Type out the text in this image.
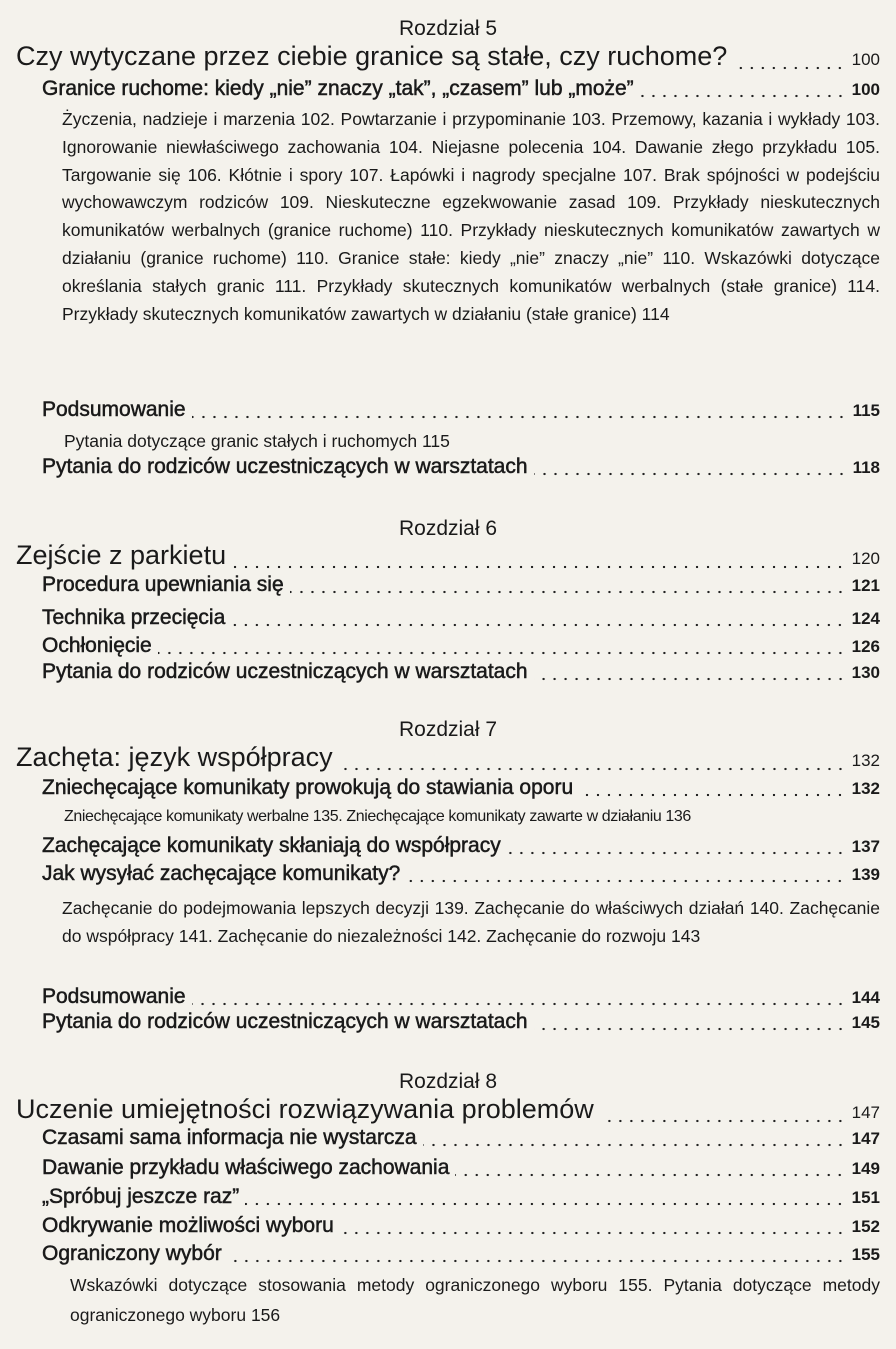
Rozdział 5
Czy wytyczane przez ciebie granice są stałe, czy ruchome?	100
Granice ruchome: kiedy „nie” znaczy „tak”, „czasem” lub „może”	100
Życzenia, nadzieje i marzenia 102. Powtarzanie i przypominanie 103. Przemowy, kazania i wykłady 103. Ignorowanie niewłaściwego zachowania 104. Niejasne polecenia 104. Dawanie złego przykładu 105. Targowanie się 106. Kłótnie i spory 107. Łapówki i nagrody specjalne 107. Brak spójności w podejściu wychowawczym rodziców 109. Nieskuteczne egzekwowanie zasad 109. Przykłady nieskutecznych komunikatów werbalnych (granice ruchome) 110. Przykłady nieskutecznych komunikatów zawartych w działaniu (granice ruchome) 110. Granice stałe: kiedy „nie” znaczy „nie” 110. Wskazówki dotyczące określania stałych granic 111. Przykłady skutecznych komunikatów werbalnych (stałe granice) 114. Przykłady skutecznych komunikatów zawartych w działaniu (stałe granice) 114
Podsumowanie	115
Pytania dotyczące granic stałych i ruchomych 115
Pytania do rodziców uczestniczących w warsztatach	118
Rozdział 6
Zejście z parkietu	120
Procedura upewniania się	121
Technika przecięcia	124
Ochłonięcie	126
Pytania do rodziców uczestniczących w warsztatach	130
Rozdział 7
Zachęta: język współpracy	132
Zniechęcające komunikaty prowokują do stawiania oporu	132
Zniechęcające komunikaty werbalne 135. Zniechęcające komunikaty zawarte w działaniu 136
Zachęcające komunikaty skłaniają do współpracy	137
Jak wysyłać zachęcające komunikaty?	139
Zachęcanie do podejmowania lepszych decyzji 139. Zachęcanie do właściwych działań 140. Zachęcanie do współpracy 141. Zachęcanie do niezależności 142. Zachęcanie do rozwoju 143
Podsumowanie	144
Pytania do rodziców uczestniczących w warsztatach	145
Rozdział 8
Uczenie umiejętności rozwiązywania problemów	147
Czasami sama informacja nie wystarcza	147
Dawanie przykładu właściwego zachowania	149
„Spróbuj jeszcze raz”	151
Odkrywanie możliwości wyboru	152
Ograniczony wybór	155
Wskazówki dotyczące stosowania metody ograniczonego wyboru 155. Pytania dotyczące metody ograniczonego wyboru 156
